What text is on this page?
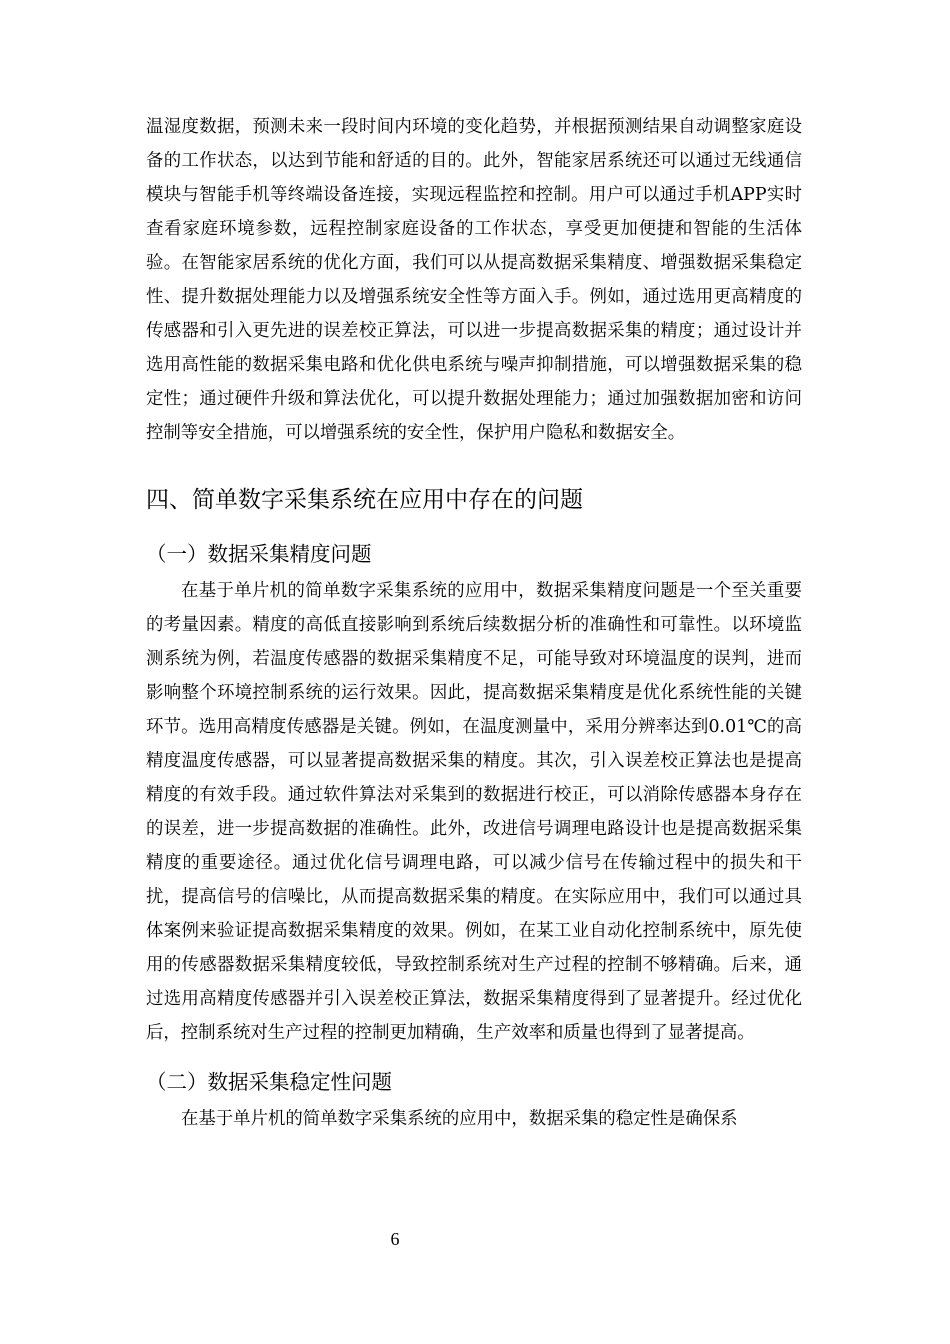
温湿度数据，预测未来一段时间内环境的变化趋势，并根据预测结果自动调整家庭设备的工作状态，以达到节能和舒适的目的。此外，智能家居系统还可以通过无线通信模块与智能手机等终端设备连接，实现远程监控和控制。用户可以通过手机APP实时查看家庭环境参数，远程控制家庭设备的工作状态，享受更加便捷和智能的生活体验。在智能家居系统的优化方面，我们可以从提高数据采集精度、增强数据采集稳定性、提升数据处理能力以及增强系统安全性等方面入手。例如，通过选用更高精度的传感器和引入更先进的误差校正算法，可以进一步提高数据采集的精度；通过设计并选用高性能的数据采集电路和优化供电系统与噪声抑制措施，可以增强数据采集的稳定性；通过硬件升级和算法优化，可以提升数据处理能力；通过加强数据加密和访问控制等安全措施，可以增强系统的安全性，保护用户隐私和数据安全。

四、简单数字采集系统在应用中存在的问题
（一）数据采集精度问题

在基于单片机的简单数字采集系统的应用中，数据采集精度问题是一个至关重要的考量因素。精度的高低直接影响到系统后续数据分析的准确性和可靠性。以环境监测系统为例，若温度传感器的数据采集精度不足，可能导致对环境温度的误判，进而影响整个环境控制系统的运行效果。因此，提高数据采集精度是优化系统性能的关键环节。选用高精度传感器是关键。例如，在温度测量中，采用分辨率达到0.01℃的高精度温度传感器，可以显著提高数据采集的精度。其次，引入误差校正算法也是提高精度的有效手段。通过软件算法对采集到的数据进行校正，可以消除传感器本身存在的误差，进一步提高数据的准确性。此外，改进信号调理电路设计也是提高数据采集精度的重要途径。通过优化信号调理电路，可以减少信号在传输过程中的损失和干扰，提高信号的信噪比，从而提高数据采集的精度。在实际应用中，我们可以通过具体案例来验证提高数据采集精度的效果。例如，在某工业自动化控制系统中，原先使用的传感器数据采集精度较低，导致控制系统对生产过程的控制不够精确。后来，通过选用高精度传感器并引入误差校正算法，数据采集精度得到了显著提升。经过优化后，控制系统对生产过程的控制更加精确，生产效率和质量也得到了显著提高。

（二）数据采集稳定性问题

在基于单片机的简单数字采集系统的应用中，数据采集的稳定性是确保系

6
